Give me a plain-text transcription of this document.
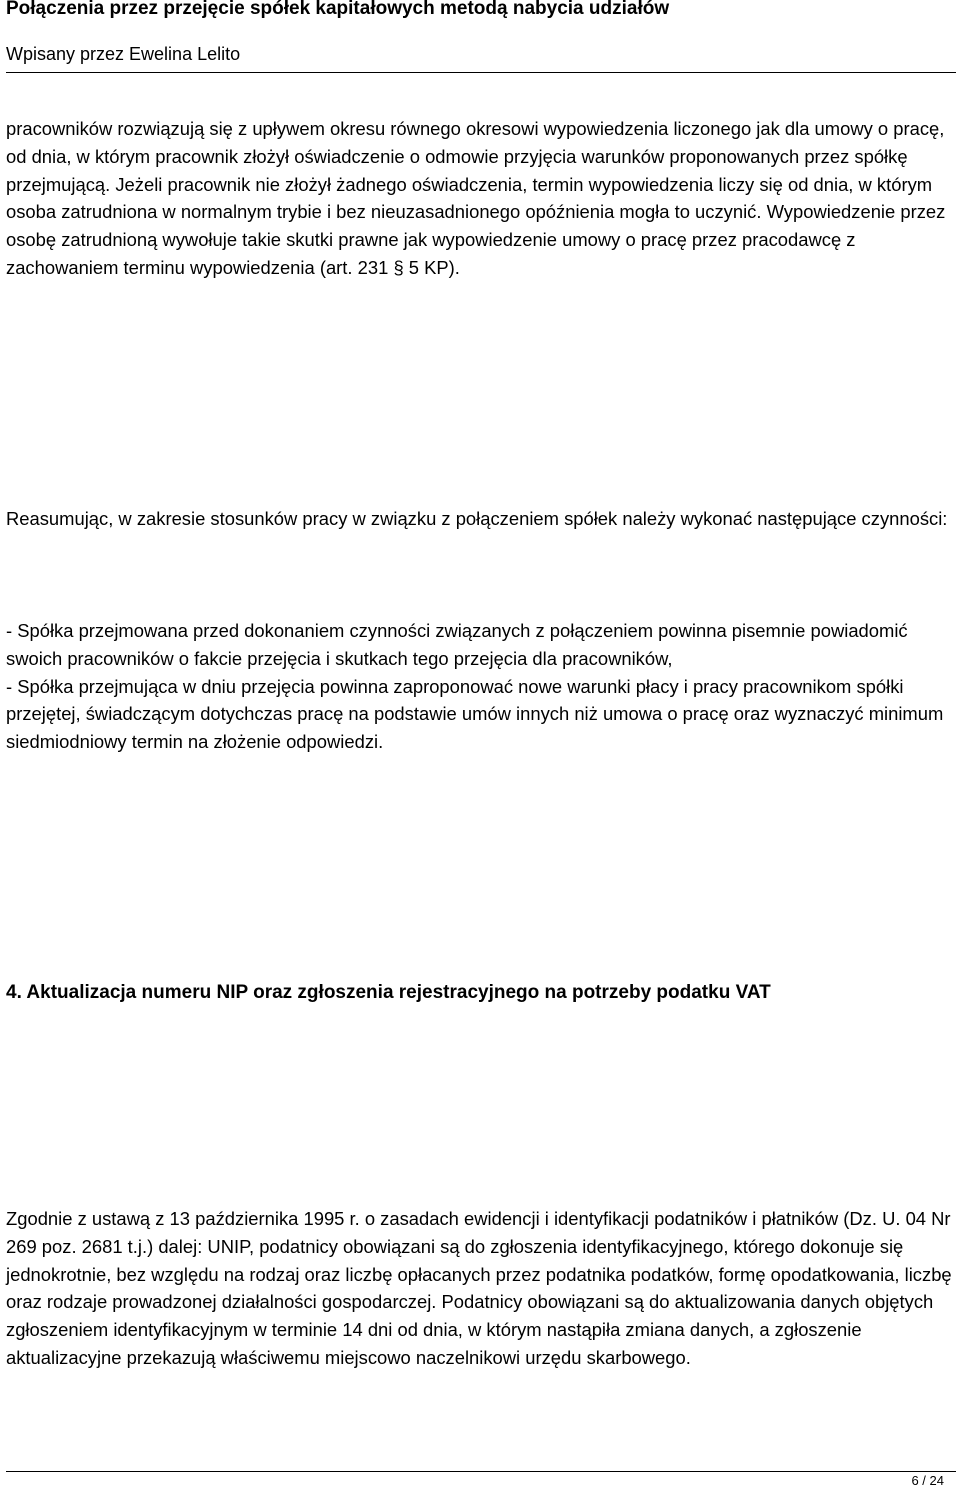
Połączenia przez przejęcie spółek kapitałowych metodą nabycia udziałów
Wpisany przez Ewelina Lelito

pracowników rozwiązują się z upływem okresu równego okresowi wypowiedzenia liczonego jak dla umowy o pracę, od dnia, w którym pracownik złożył oświadczenie o odmowie przyjęcia warunków proponowanych przez spółkę przejmującą. Jeżeli pracownik nie złożył żadnego oświadczenia, termin wypowiedzenia liczy się od dnia, w którym osoba zatrudniona w normalnym trybie i bez nieuzasadnionego opóźnienia mogła to uczynić. Wypowiedzenie przez osobę zatrudnioną wywołuje takie skutki prawne jak wypowiedzenie umowy o pracę przez pracodawcę z zachowaniem terminu wypowiedzenia (art. 231 § 5 KP).

Reasumując, w zakresie stosunków pracy w związku z połączeniem spółek należy wykonać następujące czynności:

- Spółka przejmowana przed dokonaniem czynności związanych z połączeniem powinna pisemnie powiadomić swoich pracowników o fakcie przejęcia i skutkach tego przejęcia dla pracowników,
- Spółka przejmująca w dniu przejęcia powinna zaproponować nowe warunki płacy i pracy pracownikom spółki przejętej, świadczącym dotychczas pracę na podstawie umów innych niż umowa o pracę oraz wyznaczyć minimum siedmiodniowy termin na złożenie odpowiedzi.
4. Aktualizacja numeru NIP oraz zgłoszenia rejestracyjnego na potrzeby podatku VAT

Zgodnie z ustawą z 13 października 1995 r. o zasadach ewidencji i identyfikacji podatników i płatników (Dz. U. 04 Nr 269 poz. 2681 t.j.) dalej: UNIP, podatnicy obowiązani są do zgłoszenia identyfikacyjnego, którego dokonuje się jednokrotnie, bez względu na rodzaj oraz liczbę opłacanych przez podatnika podatków, formę opodatkowania, liczbę oraz rodzaje prowadzonej działalności gospodarczej. Podatnicy obowiązani są do aktualizowania danych objętych zgłoszeniem identyfikacyjnym w terminie 14 dni od dnia, w którym nastąpiła zmiana danych, a zgłoszenie aktualizacyjne przekazują właściwemu miejscowo naczelnikowi urzędu skarbowego.

6 / 24
